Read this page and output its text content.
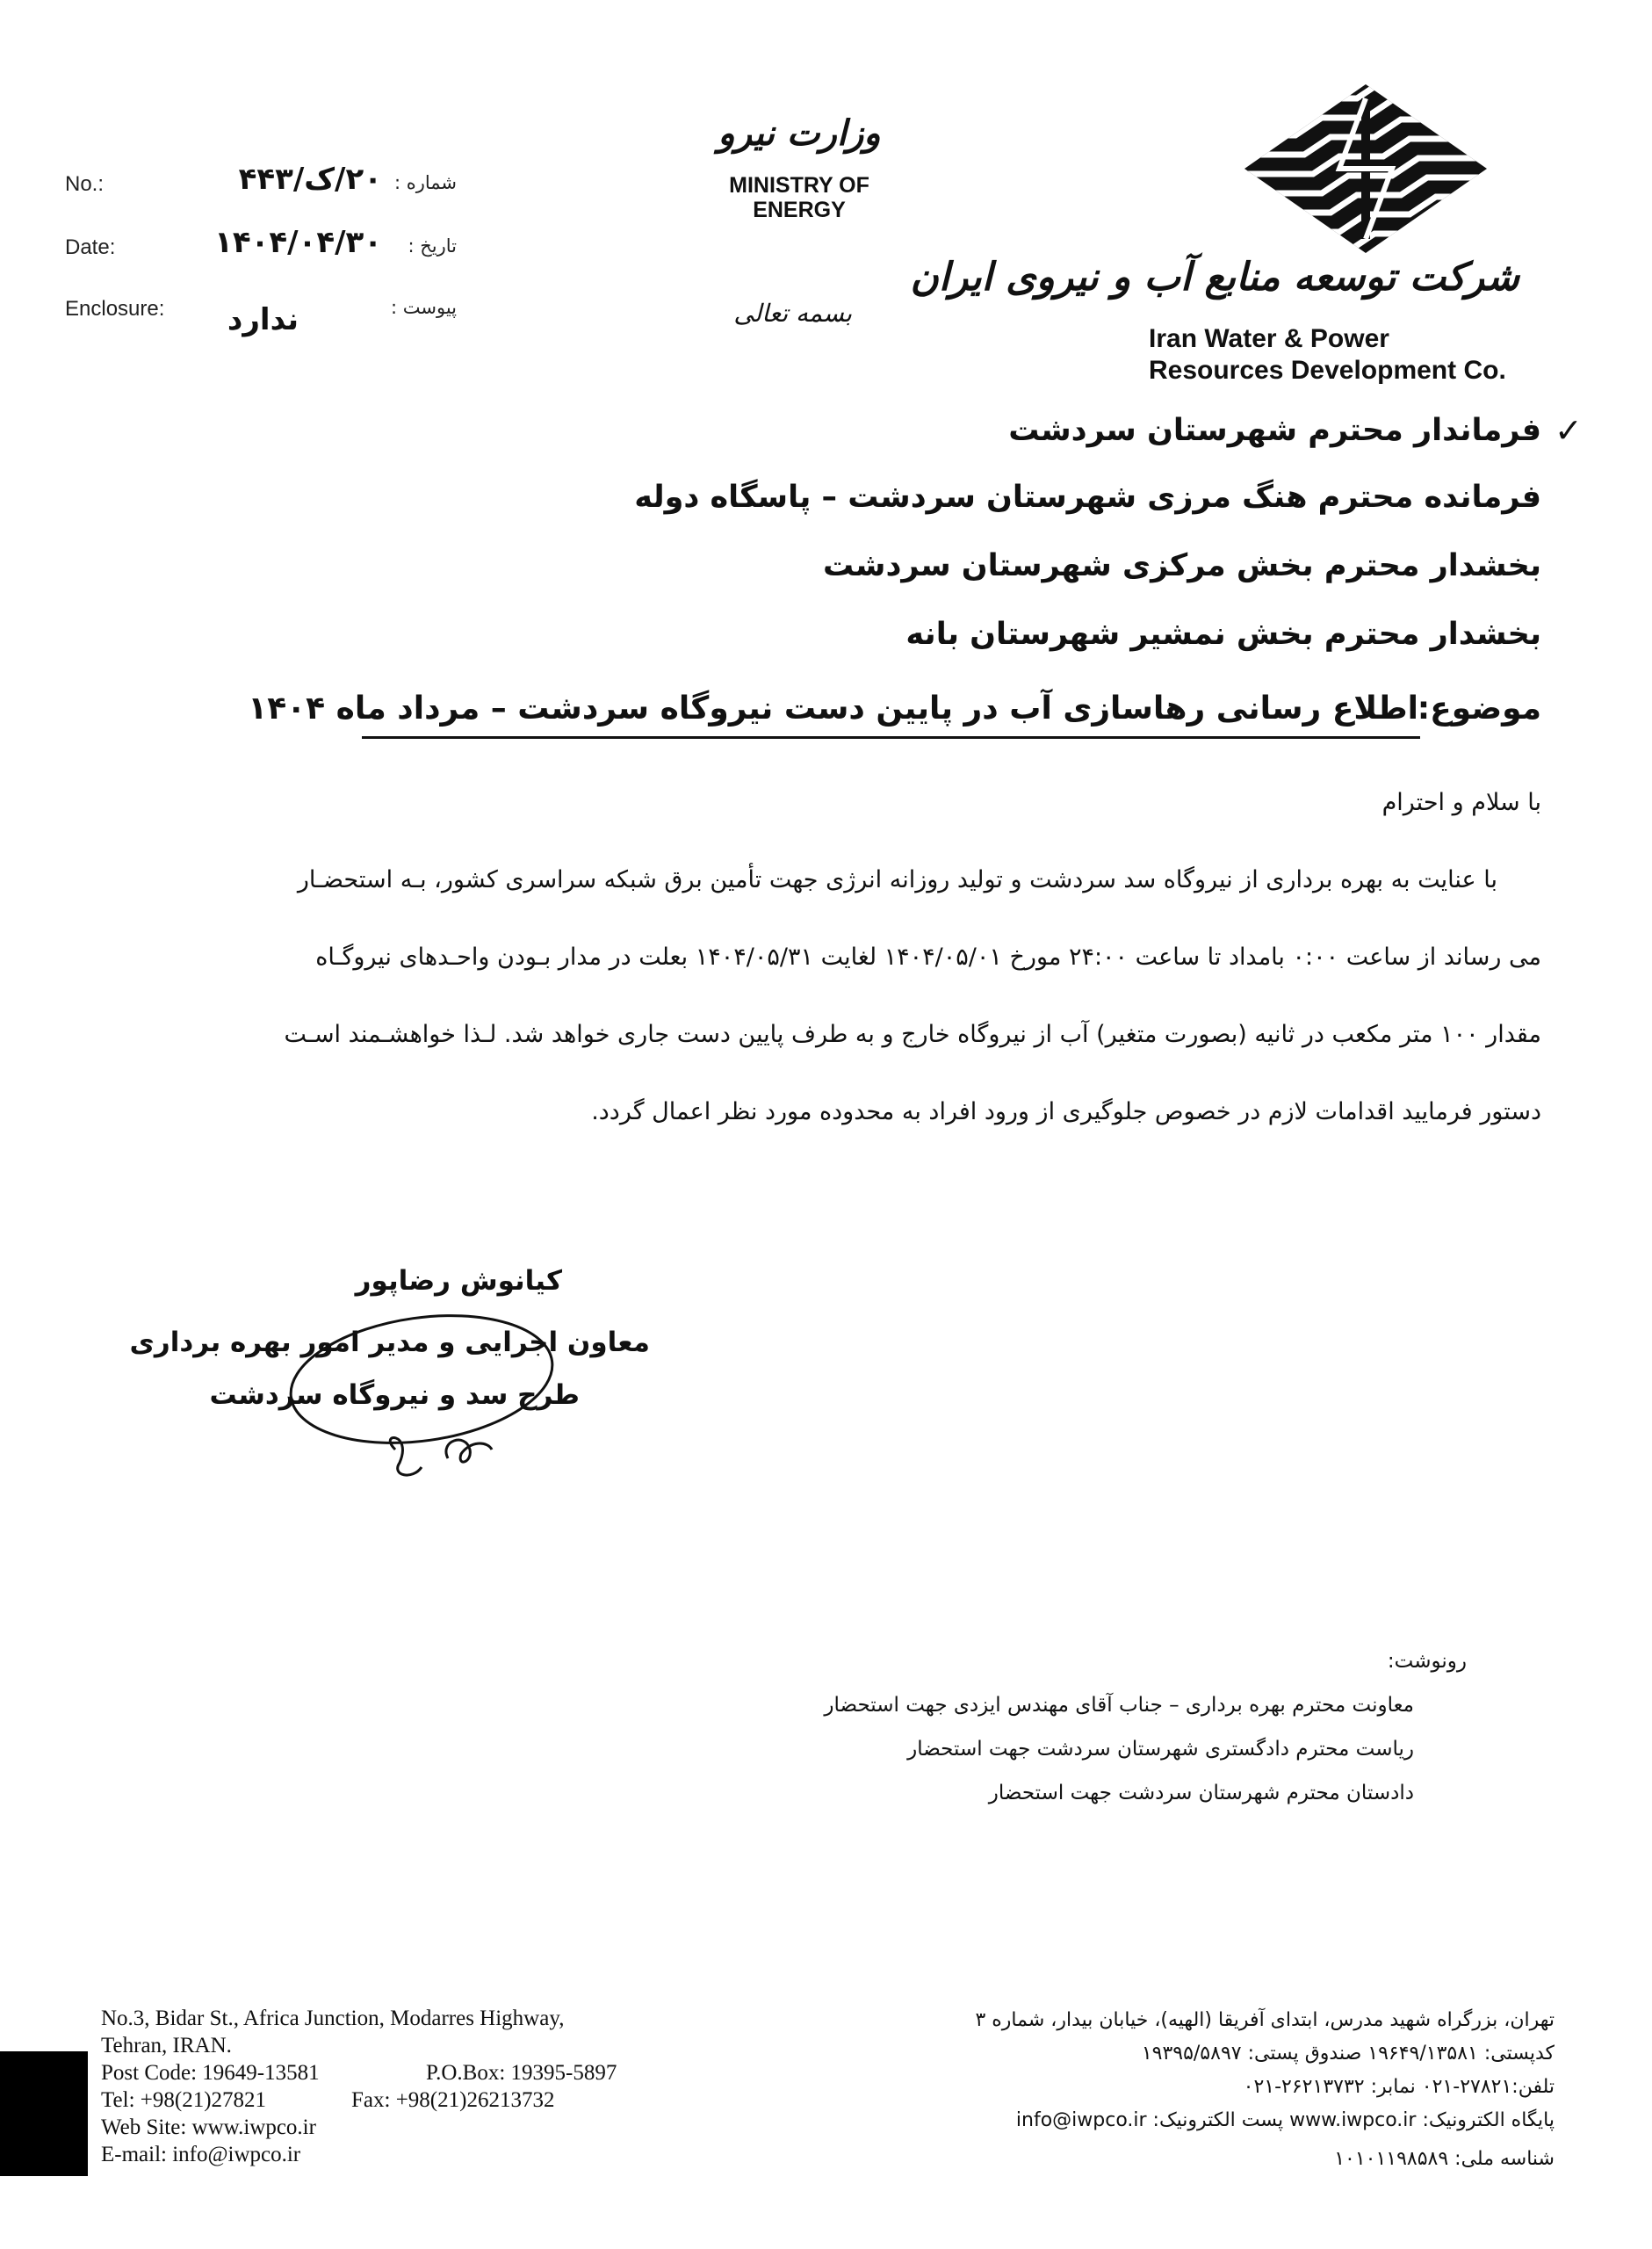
No.:	۲۰/ک/۴۴۳ شماره :
Date:	۱۴۰۴/۰۴/۳۰	تاریخ :
Enclosure:	ندارد	پیوست :
وزارت نیرو
MINISTRY OF
ENERGY
بسمه تعالی
شرکت توسعه منابع آب و نیروی ایران
Iran Water & Power
Resources Development Co.
✓
فرماندار محترم شهرستان سردشت
فرمانده محترم هنگ مرزی شهرستان سردشت – پاسگاه دوله
بخشدار محترم بخش مرکزی شهرستان سردشت
بخشدار محترم بخش نمشیر شهرستان بانه
موضوع:
اطلاع رسانی رهاسازی آب در پایین دست نیروگاه سردشت – مرداد ماه ۱۴۰۴
با سلام و احترام
با عنایت به بهره برداری از نیروگاه سد سردشت و تولید روزانه انرژی جهت تأمین برق شبکه سراسری کشور، بـه استحضـار
می رساند از ساعت ۰:۰۰ بامداد تا ساعت ۲۴:۰۰ مورخ ۱۴۰۴/۰۵/۰۱ لغایت ۱۴۰۴/۰۵/۳۱ بعلت در مدار بـودن واحـدهای نیروگـاه
مقدار ۱۰۰ متر مکعب در ثانیه (بصورت متغیر) آب از نیروگاه خارج و به طرف پایین دست جاری خواهد شد. لـذا خواهشـمند اسـت
دستور فرمایید اقدامات لازم در خصوص جلوگیری از ورود افراد به محدوده مورد نظر اعمال گردد.
کیانوش رضاپور
معاون اجرایی و مدیر امور بهره برداری
طرح سد و نیروگاه سردشت
رونوشت:
معاونت محترم بهره برداری – جناب آقای مهندس ایزدی جهت استحضار
ریاست محترم دادگستری شهرستان سردشت جهت استحضار
دادستان محترم شهرستان سردشت جهت استحضار
No.3, Bidar St., Africa Junction, Modarres Highway,
Tehran, IRAN.
Post Code: 19649-13581	P.O.Box: 19395-5897
Tel: +98(21)27821	Fax: +98(21)26213732
Web Site: www.iwpco.ir
E-mail: info@iwpco.ir
تهران، بزرگراه شهید مدرس، ابتدای آفریقا (الهیه)، خیابان بیدار، شماره ۳
کدپستی: ۱۹۶۴۹/۱۳۵۸۱ صندوق پستی: ۱۹۳۹۵/۵۸۹۷
تلفن:۲۷۸۲۱-۰۲۱ نمابر: ۲۶۲۱۳۷۳۲-۰۲۱
پایگاه الکترونیک: www.iwpco.ir پست الکترونیک: info@iwpco.ir
شناسه ملی: ۱۰۱۰۱۱۹۸۵۸۹
